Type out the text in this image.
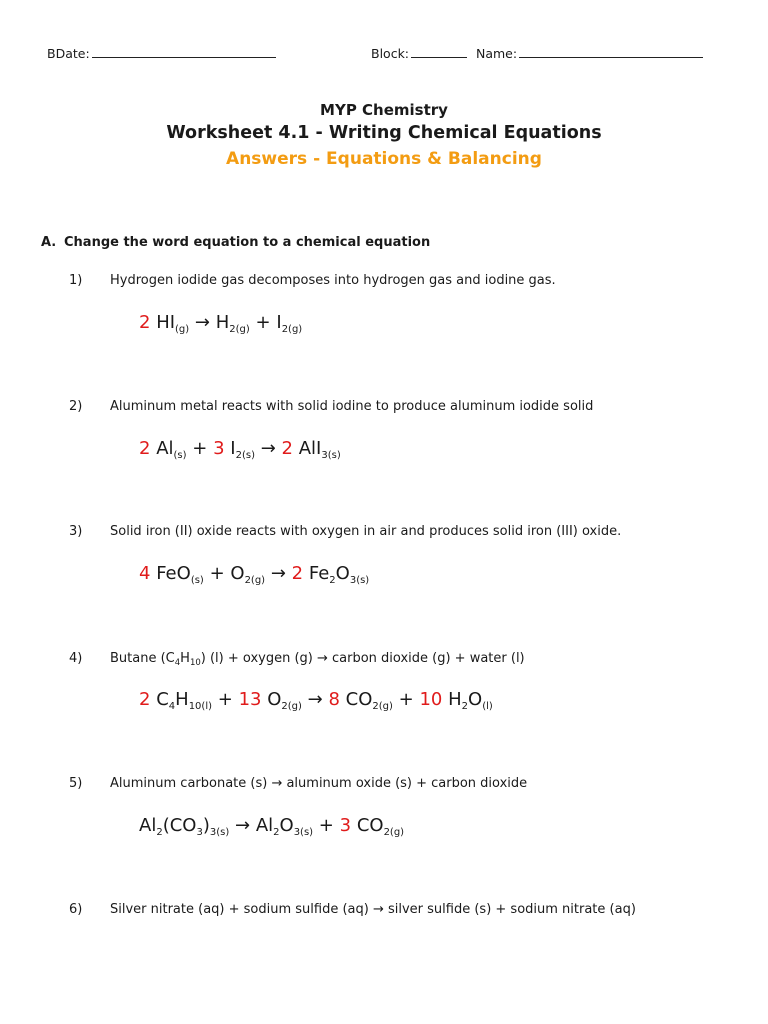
BDate:	Block:	Name:
MYP Chemistry
Worksheet 4.1 - Writing Chemical Equations
Answers - Equations & Balancing
A. Change the word equation to a chemical equation
1) Hydrogen iodide gas decomposes into hydrogen gas and iodine gas.
2 $HI_{(g)} \to H_{2(g)} + I_{2(g)}$
2) Aluminum metal reacts with solid iodine to produce aluminum iodide solid
2 $Al_{(s)} + 3$ $I_{2(s)} \to 2$ AlI$_{3(s)}$
3) Solid iron (II) oxide reacts with oxygen in air and produces solid iron (III) oxide.
4 $FeO_{(s)} + O_{2(g)} \to 2$ $Fe_2O_{3(s)}$
4) Butane $(C_4H_{10}) (l)$ + oxygen (g) → carbon dioxide (g) + water (l)
2 $C_4H_{10(l)} + 13$ $O_{2(g)} \to 8$ $CO_{2(g)} + 10$ $H_2O_{(l)}$
5) Aluminum carbonate (s) → aluminum oxide (s) + carbon dioxide
$Al_2(CO_3)_{3(s)} \to Al_2O_{3(s)} + 3$ $CO_{2(g)}$
6) Silver nitrate (aq) + sodium sulfide (aq) → silver sulfide (s) + sodium nitrate (aq)
